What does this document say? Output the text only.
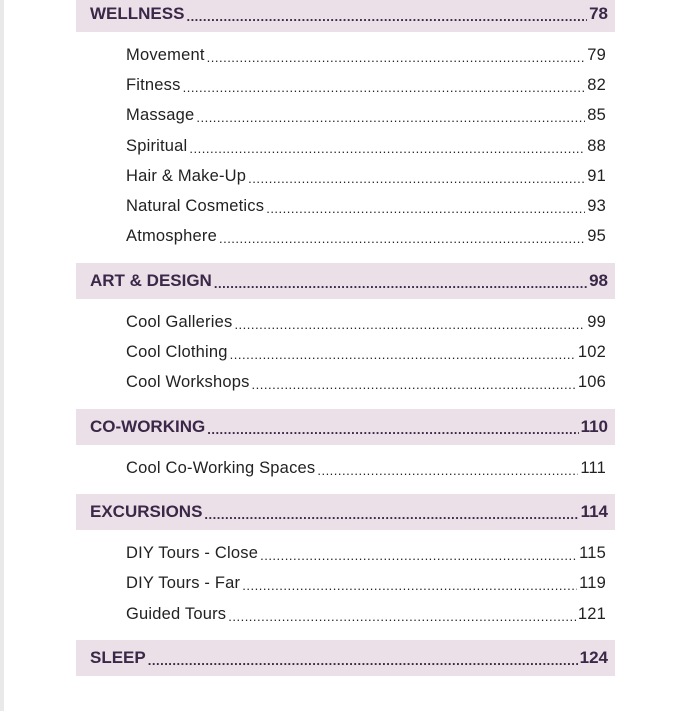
WELLNESS .....	78
Movement .....	79
Fitness .....	82
Massage .....	85
Spiritual .....	88
Hair & Make-Up .....	91
Natural Cosmetics .....	93
Atmosphere .....	95
ART & DESIGN .....	98
Cool Galleries .....	99
Cool Clothing .....	102
Cool Workshops .....	106
CO-WORKING .....	110
Cool Co-Working Spaces .....	111
EXCURSIONS .....	114
DIY Tours - Close .....	115
DIY Tours - Far .....	119
Guided Tours .....	121
SLEEP .....	124
